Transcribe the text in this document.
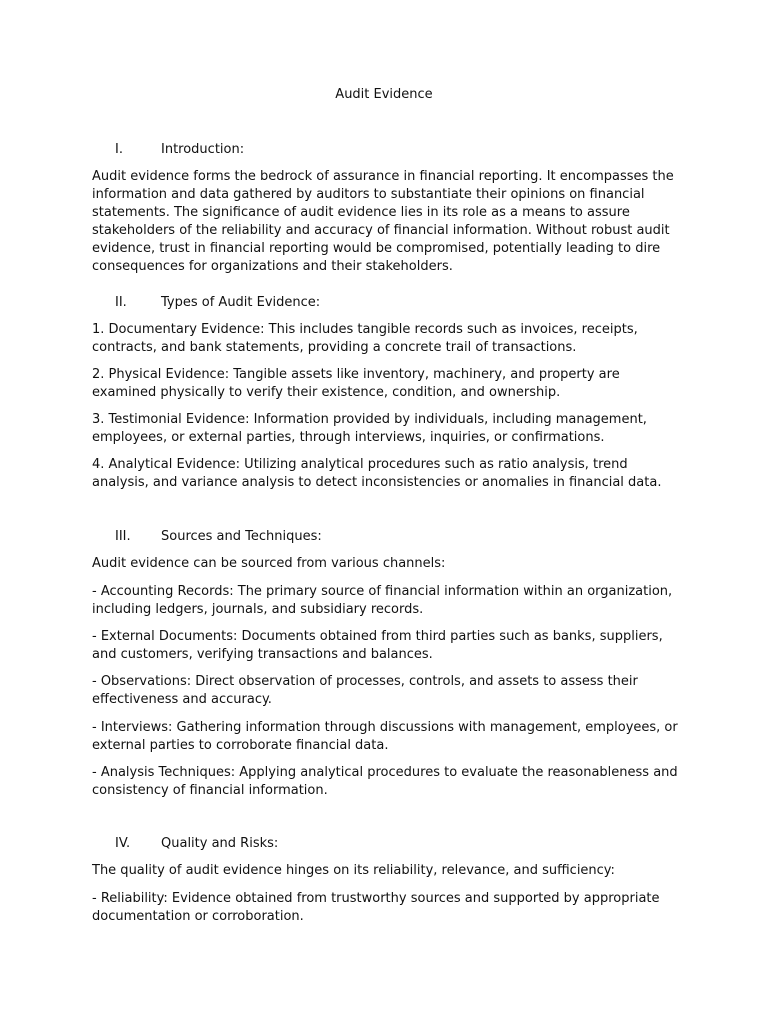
Audit Evidence
I.	Introduction:

Audit evidence forms the bedrock of assurance in financial reporting. It encompasses the information and data gathered by auditors to substantiate their opinions on financial statements. The significance of audit evidence lies in its role as a means to assure stakeholders of the reliability and accuracy of financial information. Without robust audit evidence, trust in financial reporting would be compromised, potentially leading to dire consequences for organizations and their stakeholders.

II.	Types of Audit Evidence:

1. Documentary Evidence: This includes tangible records such as invoices, receipts, contracts, and bank statements, providing a concrete trail of transactions.

2. Physical Evidence: Tangible assets like inventory, machinery, and property are examined physically to verify their existence, condition, and ownership.

3. Testimonial Evidence: Information provided by individuals, including management, employees, or external parties, through interviews, inquiries, or confirmations.

4. Analytical Evidence: Utilizing analytical procedures such as ratio analysis, trend analysis, and variance analysis to detect inconsistencies or anomalies in financial data.

III. Sources and Techniques:

Audit evidence can be sourced from various channels:

- Accounting Records: The primary source of financial information within an organization, including ledgers, journals, and subsidiary records.

- External Documents: Documents obtained from third parties such as banks, suppliers, and customers, verifying transactions and balances.

- Observations: Direct observation of processes, controls, and assets to assess their effectiveness and accuracy.

- Interviews: Gathering information through discussions with management, employees, or external parties to corroborate financial data.

- Analysis Techniques: Applying analytical procedures to evaluate the reasonableness and consistency of financial information.

IV. Quality and Risks:

The quality of audit evidence hinges on its reliability, relevance, and sufficiency:

- Reliability: Evidence obtained from trustworthy sources and supported by appropriate documentation or corroboration.
